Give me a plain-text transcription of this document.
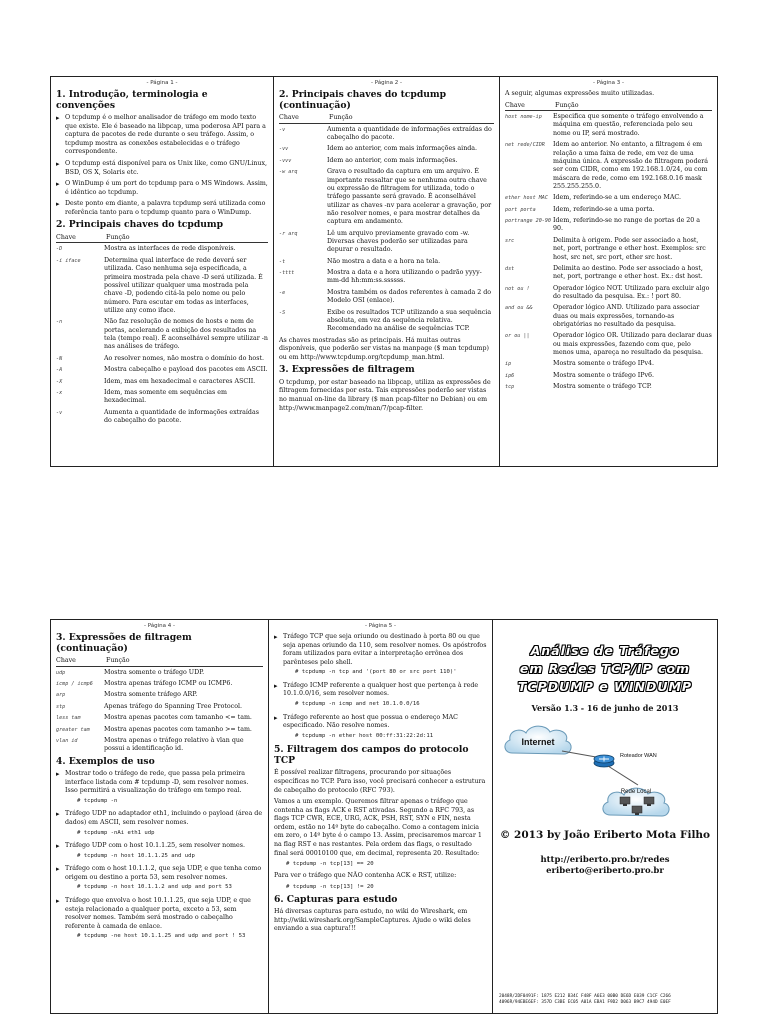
- Página 1 -
1. Introdução, terminologia e convenções
▸ O tcpdump é o melhor analisador de tráfego em modo texto que existe. Ele é baseado na libpcap, uma poderosa API para a captura de pacotes de rede durante o seu tráfego. Assim, o tcpdump mostra as conexões estabelecidas e o tráfego correspondente.
▸ O tcpdump está disponível para os Unix like, como GNU/Linux, BSD, OS X, Solaris etc.
▸ O WinDump é um port do tcpdump para o MS Windows. Assim, é idêntico ao tcpdump.
▸ Deste ponto em diante, a palavra tcpdump será utilizada como referência tanto para o tcpdump quanto para o WinDump.
2. Principais chaves do tcpdump
Chave	Função
-D	Mostra as interfaces de rede disponíveis.
-i iface	Determina qual interface de rede deverá ser utilizada. Caso nenhuma seja especificada, a primeira mostrada pela chave -D será utilizada. É possível utilizar qualquer uma mostrada pela chave -D, podendo citá-la pelo nome ou pelo número. Para escutar em todas as interfaces, utilize any como iface.
-n	Não faz resolução de nomes de hosts e nem de portas, acelerando a exibição dos resultados na tela (tempo real). É aconselhável sempre utilizar -n nas análises de tráfego.
-N	Ao resolver nomes, não mostra o domínio do host.
-A	Mostra cabeçalho e payload dos pacotes em ASCII.
-X	Idem, mas em hexadecimal e caracteres ASCII.
-x	Idem, mas somente em sequências em hexadecimal.
-v	Aumenta a quantidade de informações extraídas do cabeçalho do pacote.
- Página 2 -
2. Principais chaves do tcpdump (continuação)
Chave	Função
-v	Aumenta a quantidade de informações extraídas do cabeçalho do pacote.
-vv	Idem ao anterior, com mais informações ainda.
-vvv	Idem ao anterior, com mais informações.
-w arq	Grava o resultado da captura em um arquivo. É importante ressaltar que se nenhuma outra chave ou expressão de filtragem for utilizada, todo o tráfego passante será gravado. É aconselhável utilizar as chaves -nv para acelerar a gravação, por não resolver nomes, e para mostrar detalhes da captura em andamento.
-r arq	Lê um arquivo previamente gravado com -w. Diversas chaves poderão ser utilizadas para depurar o resultado.
-t	Não mostra a data e a hora na tela.
-tttt	Mostra a data e a hora utilizando o padrão yyyy-mm-dd hh:mm:ss.ssssss.
-e	Mostra também os dados referentes à camada 2 do Modelo OSI (enlace).
-S	Exibe os resultados TCP utilizando a sua sequência absoluta, em vez da sequência relativa. Recomendado na análise de sequências TCP.
As chaves mostradas são as principais. Há muitas outras disponíveis, que poderão ser vistas na manpage ($ man tcpdump) ou em http://www.tcpdump.org/tcpdump_man.html.
3. Expressões de filtragem
O tcpdump, por estar baseado na libpcap, utiliza as expressões de filtragem fornecidas por esta. Tais expressões poderão ser vistas no manual on-line da library ($ man pcap-filter no Debian) ou em http://www.manpage2.com/man/7/pcap-filter.
- Página 3 -
A seguir, algumas expressões muito utilizadas.
Chave	Função
host nome-ip	Especifica que somente o tráfego envolvendo a máquina em questão, referenciada pelo seu nome ou IP, será mostrado.
net rede/CIDR	Idem ao anterior. No entanto, a filtragem é em relação a uma faixa de rede, em vez de uma máquina única. A expressão de filtragem poderá ser com CIDR, como em 192.168.1.0/24, ou com máscara de rede, como em 192.168.0.16 mask 255.255.255.0.
ether host MAC Idem, referindo-se a um endereço MAC.
port porta	Idem, referindo-se a uma porta.
portrange 20-90 Idem, referindo-se no range de portas de 20 a 90.
src	Delimita à origem. Pode ser associado a host, net, port, portrange e ether host. Exemplos: src host, src net, src port, ether src host.
dst	Delimita ao destino. Pode ser associado a host, net, port, portrange e ether host. Ex.: dst host.
not ou !	Operador lógico NOT. Utilizado para excluir algo do resultado da pesquisa. Ex.: ! port 80.
and ou &&	Operador lógico AND. Utilizado para associar duas ou mais expressões, tornando-as obrigatórias no resultado da pesquisa.
or ou ||	Operador lógico OR. Utilizado para declarar duas ou mais expressões, fazendo com que, pelo menos uma, apareça no resultado da pesquisa.
ip	Mostra somente o tráfego IPv4.
ip6	Mostra somente o tráfego IPv6.
tcp	Mostra somente o tráfego TCP.
- Página 4 -
3. Expressões de filtragem (continuação)
Chave	Função
udp	Mostra somente o tráfego UDP.
icmp / icmp6	Mostra apenas tráfego ICMP ou ICMP6.
arp	Mostra somente tráfego ARP.
stp	Apenas tráfego do Spanning Tree Protocol.
less tam	Mostra apenas pacotes com tamanho <= tam.
greater tam	Mostra apenas pacotes com tamanho >= tam.
vlan id	Mostra apenas o tráfego relativo à vlan que possui a identificação id.
4. Exemplos de uso
▸ Mostrar todo o tráfego de rede, que passa pela primeira interface listada com # tcpdump -D, sem resolver nomes. Isso permitirá a visualização do tráfego em tempo real.
# tcpdump -n
▸ Tráfego UDP no adaptador eth1, incluindo o payload (área de dados) em ASCII, sem resolver nomes.
# tcpdump -nAi eth1 udp
▸ Tráfego UDP com o host 10.1.1.25, sem resolver nomes.
# tcpdump -n host 10.1.1.25 and udp
▸ Tráfego com o host 10.1.1.2, que seja UDP, e que tenha como origem ou destino a porta 53, sem resolver nomes.
# tcpdump -n host 10.1.1.2 and udp and port 53
▸ Tráfego que envolva o host 10.1.1.25, que seja UDP, e que esteja relacionado a qualquer porta, exceto a 53, sem resolver nomes. Também será mostrado o cabeçalho referente à camada de enlace.
# tcpdump -ne host 10.1.1.25 and udp and port ! 53
- Página 5 -
▸ Tráfego TCP que seja oriundo ou destinado à porta 80 ou que seja apenas oriundo da 110, sem resolver nomes. Os apóstrofos foram utilizados para evitar a interpretação errônea dos parênteses pelo shell.
# tcpdump -n tcp and '(port 80 or src port 110)'
▸ Tráfego ICMP referente a qualquer host que pertença à rede 10.1.0.0/16, sem resolver nomes.
# tcpdump -n icmp and net 10.1.0.0/16
▸ Tráfego referente ao host que possua o endereço MAC especificado. Não resolve nomes.
# tcpdump -n ether host 00:ff:31:22:2d:11
5. Filtragem dos campos do protocolo TCP
É possível realizar filtragens, procurando por situações específicas no TCP. Para isso, você precisará conhecer a estrutura de cabeçalho do protocolo (RFC 793).
Vamos a um exemplo. Queremos filtrar apenas o tráfego que contenha as flags ACK e RST ativadas. Segundo a RFC 793, as flags TCP CWR, ECE, URG, ACK, PSH, RST, SYN e FIN, nesta ordem, estão no 14º byte do cabeçalho. Como a contagem inicia em zero, o 14º byte é o campo 13. Assim, precisaremos marcar 1 na flag RST e nas restantes. Pela ordem das flags, o resultado final será 00010100 que, em decimal, representa 20. Resultado:
# tcpdump -n tcp[13] == 20
Para ver o tráfego que NÃO contenha ACK e RST, utilize:
# tcpdump -n tcp[13] != 20
6. Capturas para estudo
Há diversas capturas para estudo, no wiki do Wireshark, em http://wiki.wireshark.org/SampleCaptures. Ajude o wiki deles enviando a sua captura!!!
Análise de Tráfego
em Redes TCP/IP com
TCPDUMP e WINDUMP
Versão 1.3 - 16 de junho de 2013
Internet
Roteador WAN
Rede Local
© 2013 by João Eriberto Mota Filho
http://eriberto.pro.br/redes
eriberto@eriberto.pro.br
2048R/2DF0491F: 1875 E212 B34C F48F A6E3 00B0 DE6D E039 C1CF C266
4096R/94EBE6EF: 357D C3BE EC05 A01A EBA1 F9D2 D063 B9C7 494D E0EF
